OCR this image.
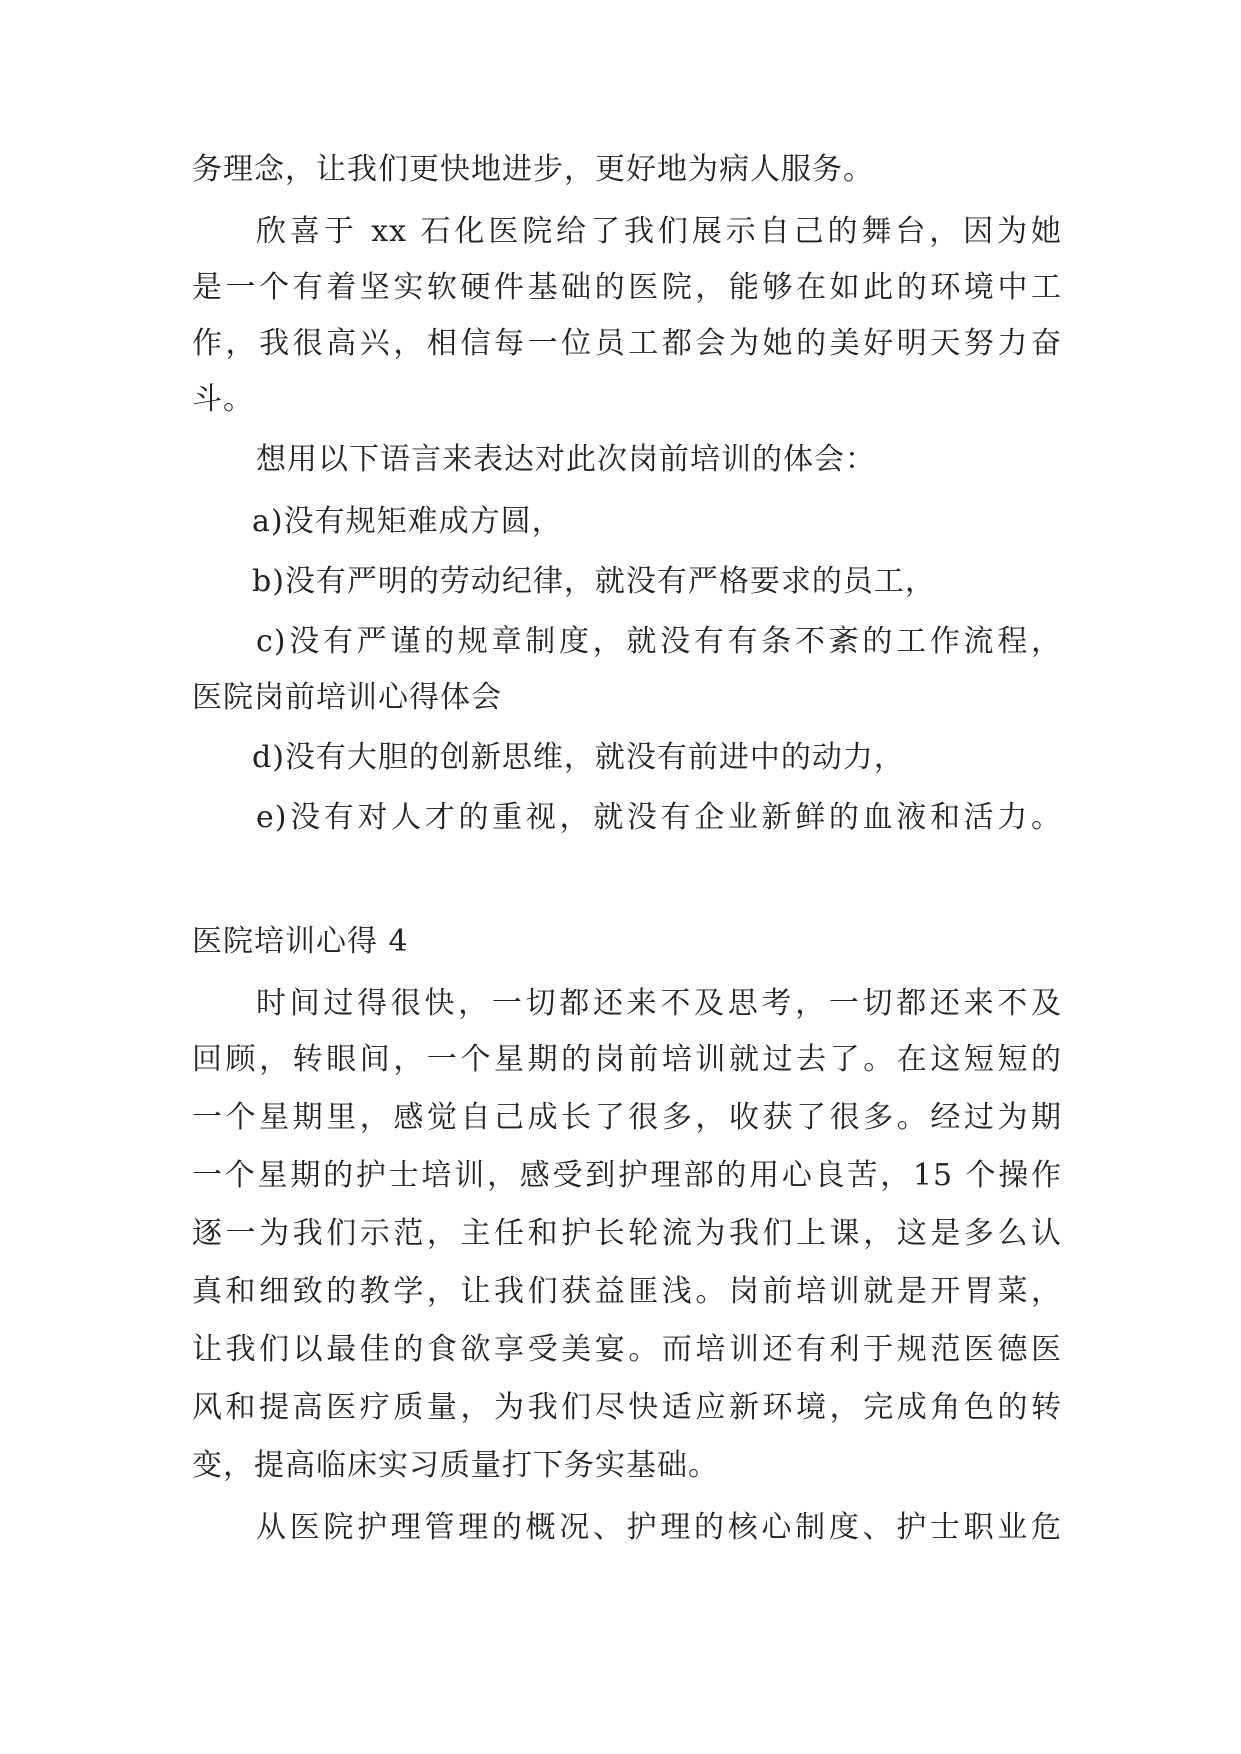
务理念，让我们更快地进步，更好地为病人服务。
欣喜于 xx 石化医院给了我们展示自己的舞台，因为她
是一个有着坚实软硬件基础的医院，能够在如此的环境中工
作，我很高兴，相信每一位员工都会为她的美好明天努力奋
斗。
想用以下语言来表达对此次岗前培训的体会：
a)没有规矩难成方圆，
b)没有严明的劳动纪律，就没有严格要求的员工，
c)没有严谨的规章制度，就没有有条不紊的工作流程，
医院岗前培训心得体会
d)没有大胆的创新思维，就没有前进中的动力，
e)没有对人才的重视，就没有企业新鲜的血液和活力。
医院培训心得 4
时间过得很快，一切都还来不及思考，一切都还来不及
回顾，转眼间，一个星期的岗前培训就过去了。在这短短的
一个星期里，感觉自己成长了很多，收获了很多。经过为期
一个星期的护士培训，感受到护理部的用心良苦，15 个操作
逐一为我们示范，主任和护长轮流为我们上课，这是多么认
真和细致的教学，让我们获益匪浅。岗前培训就是开胃菜，
让我们以最佳的食欲享受美宴。而培训还有利于规范医德医
风和提高医疗质量，为我们尽快适应新环境，完成角色的转
变，提高临床实习质量打下务实基础。
从医院护理管理的概况、护理的核心制度、护士职业危
